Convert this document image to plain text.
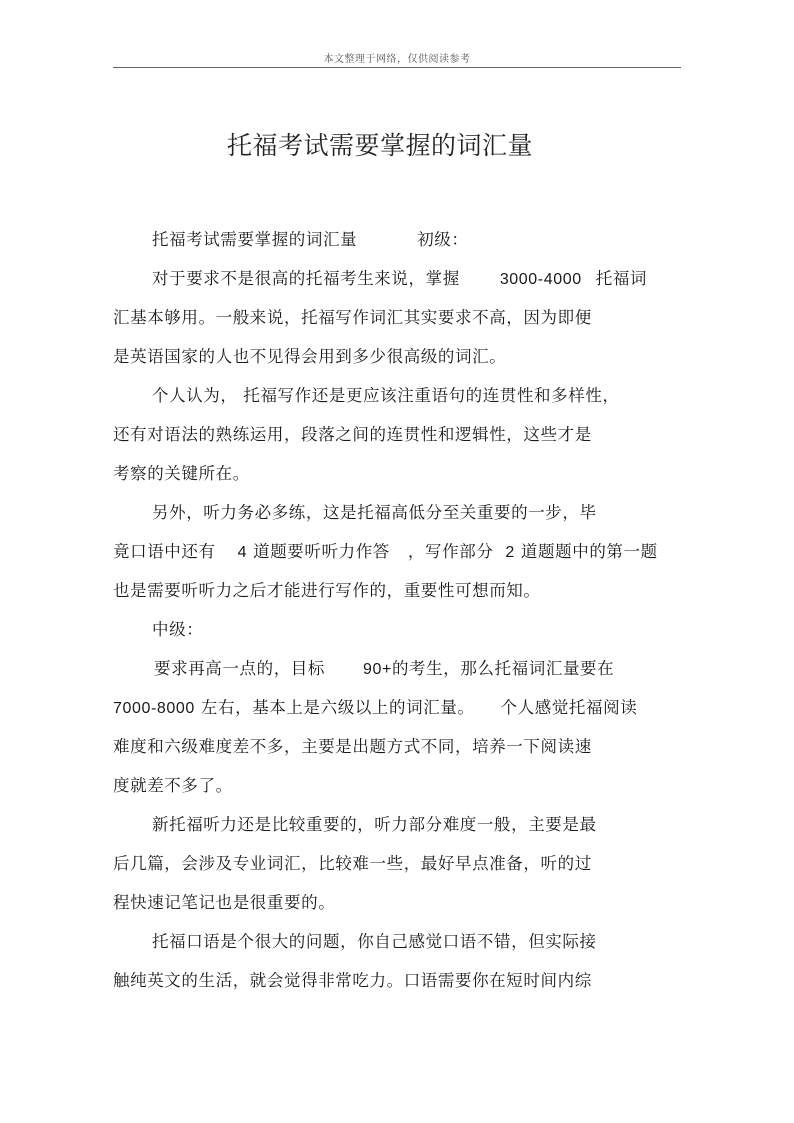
本文整理于网络，仅供阅读参考
托福考试需要掌握的词汇量
托福考试需要掌握的词汇量	初级：
对于要求不是很高的托福考生来说，掌握	3000-4000 托福词
汇基本够用。一般来说，托福写作词汇其实要求不高，因为即便
是英语国家的人也不见得会用到多少很高级的词汇。
个人认为， 托福写作还是更应该注重语句的连贯性和多样性，
还有对语法的熟练运用，段落之间的连贯性和逻辑性，这些才是
考察的关键所在。
另外，听力务必多练，这是托福高低分至关重要的一步，毕
竟口语中还有 4 道题要听听力作答 ，写作部分 2 道题题中的第一题
也是需要听听力之后才能进行写作的，重要性可想而知。
中级：
要求再高一点的，目标 90+的考生，那么托福词汇量要在
7000-8000 左右，基本上是六级以上的词汇量。 个人感觉托福阅读
难度和六级难度差不多，主要是出题方式不同，培养一下阅读速
度就差不多了。
新托福听力还是比较重要的，听力部分难度一般，主要是最
后几篇，会涉及专业词汇，比较难一些，最好早点准备，听的过
程快速记笔记也是很重要的。
托福口语是个很大的问题，你自己感觉口语不错，但实际接
触纯英文的生活，就会觉得非常吃力。口语需要你在短时间内综
